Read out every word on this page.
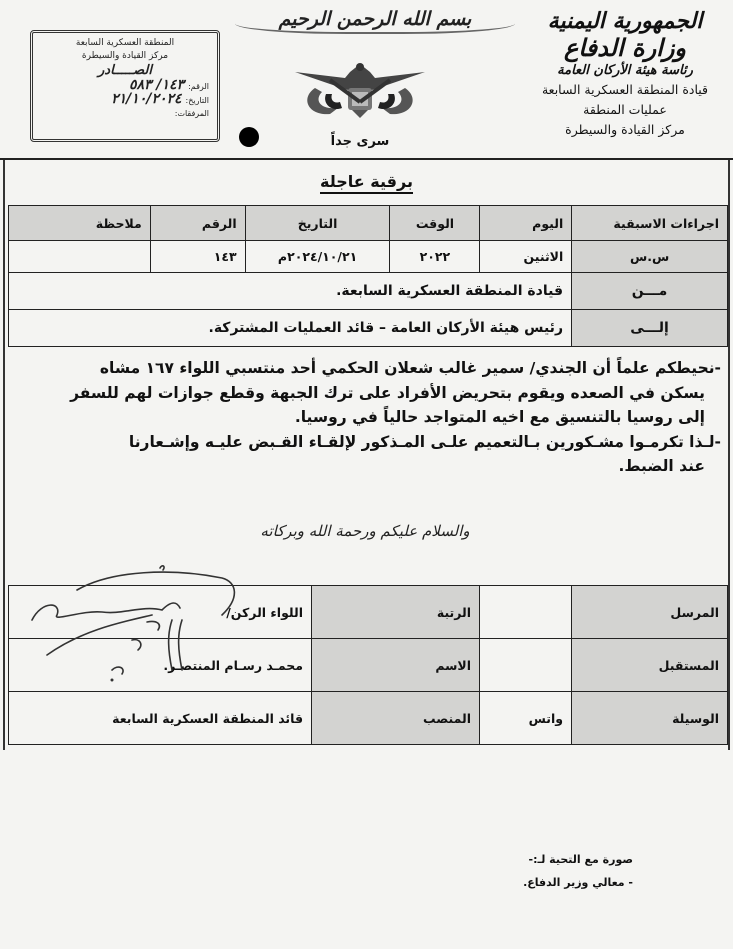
الجمهورية اليمنية
وزارة الدفاع
رئاسة هيئة الأركان العامة
قيادة المنطقة العسكرية السابعة
عمليات المنطقة
مركز القيادة والسيطرة
بسم الله الرحمن الرحيم
سرى جداً
المنطقة العسكرية السابعة
مركز القيادة والسيطرة
الصـــــادر
الرقم:
١٤٣/ ٥٨٣
التاريخ:
٢١/١٠/٢٠٢٤
المرفقات:
برقية عاجلة
اجراءات الاسبقية	اليوم	الوقت	التاريخ	الرقم	ملاحظة
س.س	الاثنين	٢٠٢٢	٢٠٢٤/١٠/٢١م	١٤٣	
مـــن	قيادة المنطقة العسكرية السابعة.
إلـــى	رئيس هيئة الأركان العامة – قائد العمليات المشتركة.

-نحيطكم علماً أن الجندي/ سمير غالب شعلان الحكمي أحد منتسبي اللواء ١٦٧ مشاه

يسكن في الصعده ويقوم بتحريض الأفراد على ترك الجبهة وقطع جوازات لهم للسفر

إلى روسيا بالتنسيق مع اخيه المتواجد حالياً في روسيا.

-لـذا تكرمـوا مشـكورين بـالتعميم علـى المـذكور لإلقـاء القـبض عليـه وإشـعارنا

عند الضبط.

والسلام عليكم ورحمة الله وبركاته
المرسل		الرتبة	اللواء الركن/
المستقبل		الاسم	محمـد رسـام المنتصـر.
الوسيلة	واتس	المنصب	قائد المنطقة العسكرية السابعة
صورة مع التحية لـ:-
- معالي وزير الدفاع.
